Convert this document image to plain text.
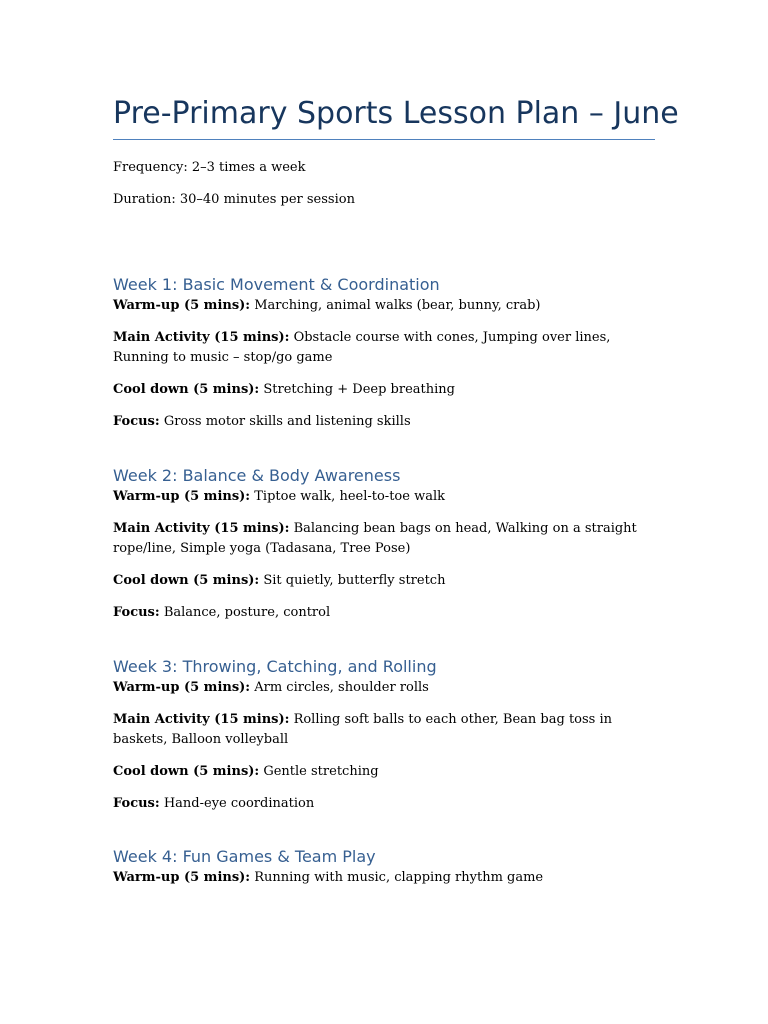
Pre-Primary Sports Lesson Plan – June

Frequency: 2–3 times a week

Duration: 30–40 minutes per session

Week 1: Basic Movement & Coordination

Warm-up (5 mins): Marching, animal walks (bear, bunny, crab)

Main Activity (15 mins): Obstacle course with cones, Jumping over lines, Running to music – stop/go game

Cool down (5 mins): Stretching + Deep breathing

Focus: Gross motor skills and listening skills

Week 2: Balance & Body Awareness

Warm-up (5 mins): Tiptoe walk, heel-to-toe walk

Main Activity (15 mins): Balancing bean bags on head, Walking on a straight rope/line, Simple yoga (Tadasana, Tree Pose)

Cool down (5 mins): Sit quietly, butterfly stretch

Focus: Balance, posture, control

Week 3: Throwing, Catching, and Rolling

Warm-up (5 mins): Arm circles, shoulder rolls

Main Activity (15 mins): Rolling soft balls to each other, Bean bag toss in baskets, Balloon volleyball

Cool down (5 mins): Gentle stretching

Focus: Hand-eye coordination

Week 4: Fun Games & Team Play

Warm-up (5 mins): Running with music, clapping rhythm game
